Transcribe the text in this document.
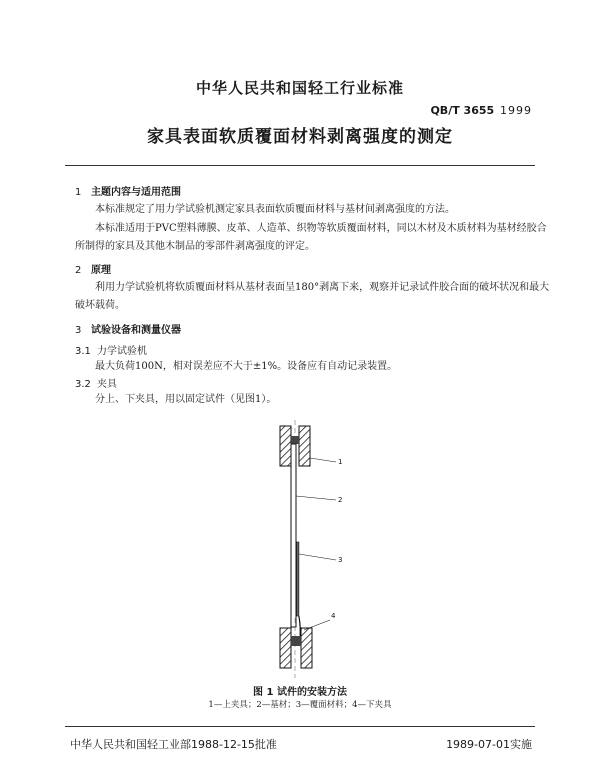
中华人民共和国轻工行业标准
QB/T 3655 1999
家具表面软质覆面材料剥离强度的测定
1 主题内容与适用范围
本标准规定了用力学试验机测定家具表面软质覆面材料与基材间剥离强度的方法。
本标准适用于PVC塑料薄膜、皮革、人造革、织物等软质覆面材料，同以木材及木质材料为基材经胶合所制得的家具及其他木制品的零部件剥离强度的评定。
2 原理
利用力学试验机将软质覆面材料从基材表面呈180°剥离下来，观察并记录试件胶合面的破坏状况和最大破坏载荷。
3 试验设备和测量仪器
3.1 力学试验机
最大负荷100N，相对误差应不大于±1%。设备应有自动记录装置。
3.2 夹具
分上、下夹具，用以固定试件（见图1）。
1
2
3
4
图 1 试件的安装方法
1—上夹具；2—基材；3—覆面材料；4—下夹具
中华人民共和国轻工业部1988-12-15批准	1989-07-01实施
